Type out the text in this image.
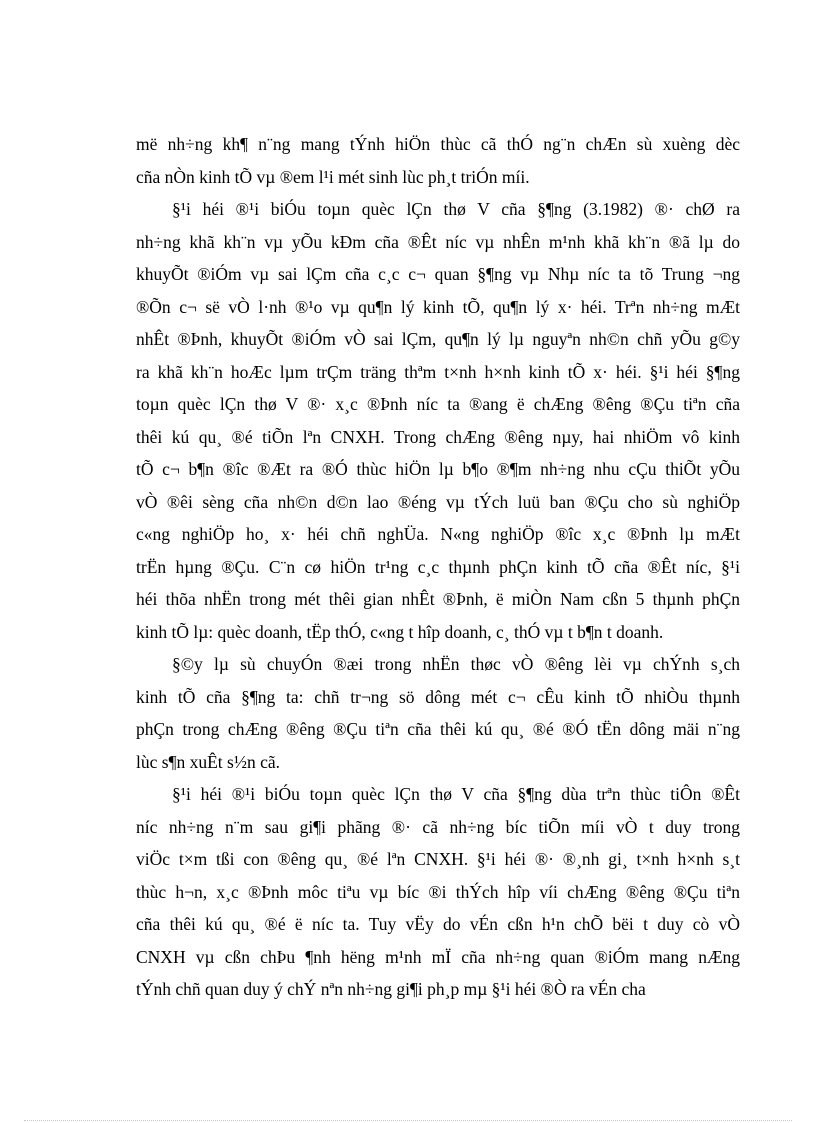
më nh÷ng kh¶ n¨ng mang tÝnh hiÖn thùc cã thÓ ng¨n chÆn sù xuèng dèc
cña nÒn kinh tÕ vµ ®em l¹i mét sinh lùc ph¸t triÓn míi.
§¹i héi ®¹i biÓu toµn quèc lÇn thø V cña §¶ng (3.1982) ®· chØ ra
nh÷ng khã kh¨n vµ yÕu kÐm cña ®Êt níc vµ nhÊn m¹nh khã kh¨n ®ã lµ do
khuyÕt ®iÓm vµ sai lÇm cña c¸c c¬ quan §¶ng vµ Nhµ níc ta tõ Trung ¬ng
®Õn c¬ së vÒ l·nh ®¹o vµ qu¶n lý kinh tÕ, qu¶n lý x· héi. Trªn nh÷ng mÆt
nhÊt ®Þnh, khuyÕt ®iÓm vÒ sai lÇm, qu¶n lý lµ nguyªn nh©n chñ yÕu g©y
ra khã kh¨n hoÆc lµm trÇm träng thªm t×nh h×nh kinh tÕ x· héi. §¹i héi §¶ng
toµn quèc lÇn thø V ®· x¸c ®Þnh níc ta ®ang ë chÆng ®êng ®Çu tiªn cña
thêi kú qu¸ ®é tiÕn lªn CNXH. Trong chÆng ®êng nµy, hai nhiÖm vô kinh
tÕ c¬ b¶n ®îc ®Æt ra ®Ó thùc hiÖn lµ b¶o ®¶m nh÷ng nhu cÇu thiÕt yÕu
vÒ ®êi sèng cña nh©n d©n lao ®éng vµ tÝch luü ban ®Çu cho sù nghiÖp
c«ng nghiÖp ho¸ x· héi chñ nghÜa. N«ng nghiÖp ®îc x¸c ®Þnh lµ mÆt
trËn hµng ®Çu. C¨n cø hiÖn tr¹ng c¸c thµnh phÇn kinh tÕ cña ®Êt níc, §¹i
héi thõa nhËn trong mét thêi gian nhÊt ®Þnh, ë miÒn Nam cßn 5 thµnh phÇn
kinh tÕ lµ: quèc doanh, tËp thÓ, c«ng t hîp doanh, c¸ thÓ vµ t b¶n t doanh.
§©y lµ sù chuyÓn ®æi trong nhËn thøc vÒ ®êng lèi vµ chÝnh s¸ch
kinh tÕ cña §¶ng ta: chñ tr¬ng sö dông mét c¬ cÊu kinh tÕ nhiÒu thµnh
phÇn trong chÆng ®êng ®Çu tiªn cña thêi kú qu¸ ®é ®Ó tËn dông mäi n¨ng
lùc s¶n xuÊt s½n cã.
§¹i héi ®¹i biÓu toµn quèc lÇn thø V cña §¶ng dùa trªn thùc tiÔn ®Êt
níc nh÷ng n¨m sau gi¶i phãng ®· cã nh÷ng bíc tiÕn míi vÒ t duy trong
viÖc t×m tßi con ®êng qu¸ ®é lªn CNXH. §¹i héi ®· ®¸nh gi¸ t×nh h×nh s¸t
thùc h¬n, x¸c ®Þnh môc tiªu vµ bíc ®i thÝch hîp víi chÆng ®êng ®Çu tiªn
cña thêi kú qu¸ ®é ë níc ta. Tuy vËy do vÉn cßn h¹n chÕ bëi t duy cò vÒ
CNXH vµ cßn chÞu ¶nh hëng m¹nh mÏ cña nh÷ng quan ®iÓm mang nÆng
tÝnh chñ quan duy ý chÝ nªn nh÷ng gi¶i ph¸p mµ §¹i héi ®Ò ra vÉn cha
